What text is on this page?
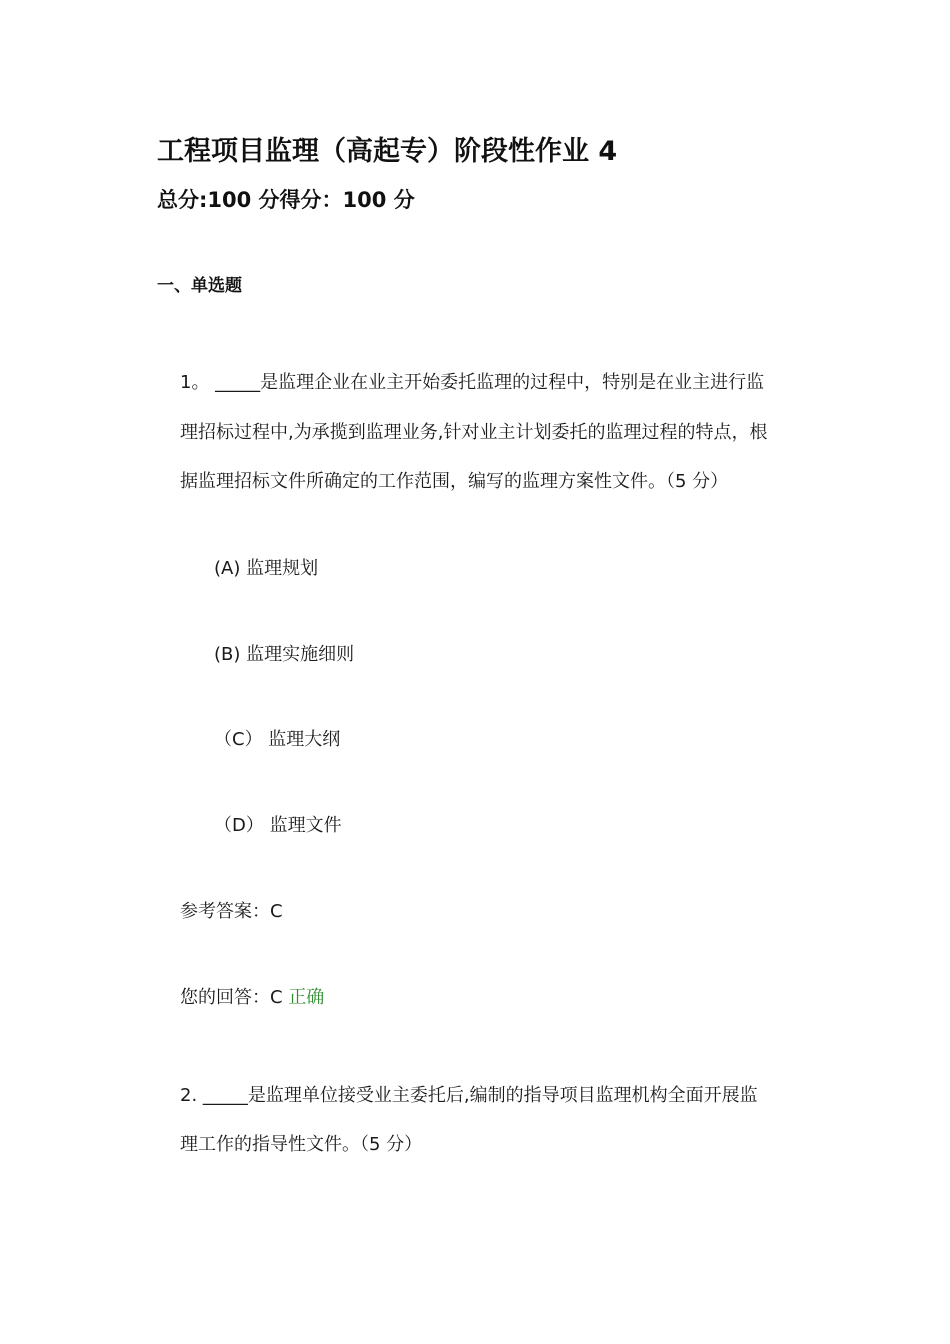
工程项目监理（高起专）阶段性作业 4
总分:100 分得分：100 分
一、单选题

1。 _____是监理企业在业主开始委托监理的过程中，特别是在业主进行监

理招标过程中,为承揽到监理业务,针对业主计划委托的监理过程的特点，根

据监理招标文件所确定的工作范围，编写的监理方案性文件。（5 分）

(A) 监理规划
(B) 监理实施细则
（C） 监理大纲
（D） 监理文件
参考答案：C
您的回答：C 正确

2. _____是监理单位接受业主委托后,编制的指导项目监理机构全面开展监

理工作的指导性文件。（5 分）
